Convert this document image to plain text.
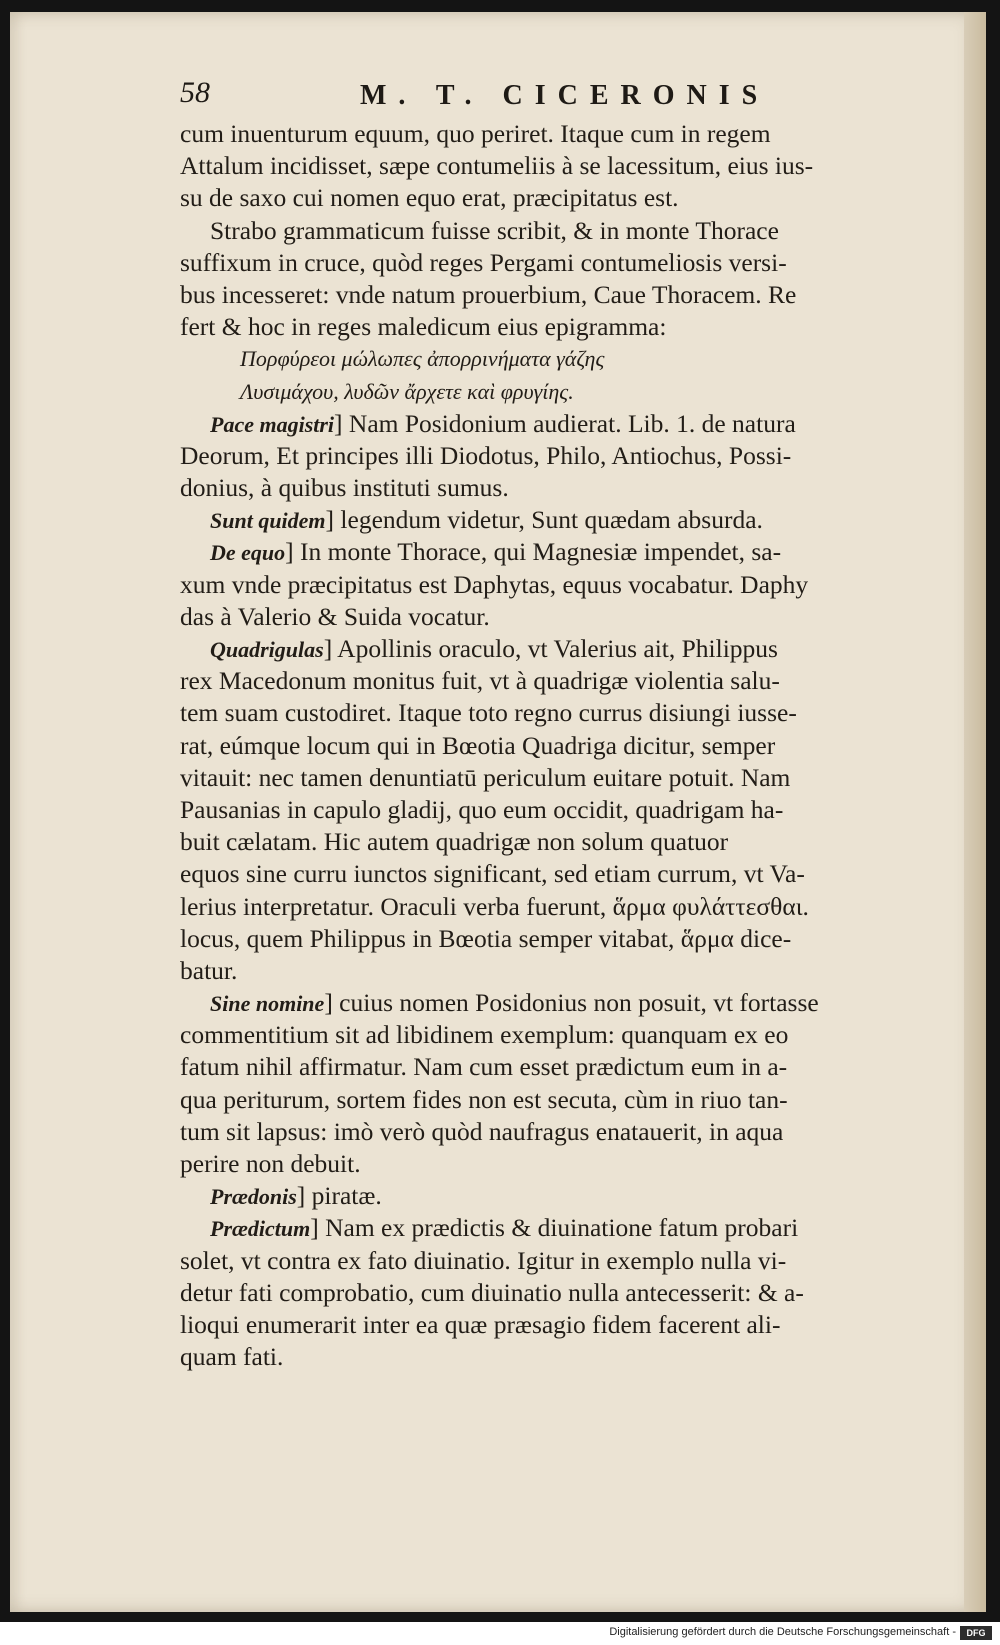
58	M. T. CICERONIS
cum inuenturum equum, quo periret. Itaque cum in regem
Attalum incidisset, sæpe contumeliis à se lacessitum, eius ius-
su de saxo cui nomen equo erat, præcipitatus est.
Strabo grammaticum fuisse scribit, & in monte Thorace
suffixum in cruce, quòd reges Pergami contumeliosis versi-
bus incesseret: vnde natum prouerbium, Caue Thoracem. Re
fert & hoc in reges maledicum eius epigramma:
Πορφύρεοι μώλωπες ἀπορρινήματα γάζης
Λυσιμάχου, λυδῶν ἄρχετε καὶ φρυγίης.
Pace magistri] Nam Posidonium audierat. Lib. 1. de natura
Deorum, Et principes illi Diodotus, Philo, Antiochus, Possi-
donius, à quibus instituti sumus.
Sunt quidem] legendum videtur, Sunt quædam absurda.
De equo] In monte Thorace, qui Magnesiæ impendet, sa-
xum vnde præcipitatus est Daphytas, equus vocabatur. Daphy
das à Valerio & Suida vocatur.
Quadrigulas] Apollinis oraculo, vt Valerius ait, Philippus
rex Macedonum monitus fuit, vt à quadrigæ violentia salu-
tem suam custodiret. Itaque toto regno currus disiungi iusse-
rat, eúmque locum qui in Bœotia Quadriga dicitur, semper
vitauit: nec tamen denuntiatū periculum euitare potuit. Nam
Pausanias in capulo gladij, quo eum occidit, quadrigam ha-
buit cælatam. Hic autem quadrigæ non solum quatuor
equos sine curru iunctos significant, sed etiam currum, vt Va-
lerius interpretatur. Oraculi verba fuerunt, ἅρμα φυλάττεσθαι.
locus, quem Philippus in Bœotia semper vitabat, ἅρμα dice-
batur.
Sine nomine] cuius nomen Posidonius non posuit, vt fortasse
commentitium sit ad libidinem exemplum: quanquam ex eo
fatum nihil affirmatur. Nam cum esset prædictum eum in a-
qua periturum, sortem fides non est secuta, cùm in riuo tan-
tum sit lapsus: imò verò quòd naufragus enatauerit, in aqua
perire non debuit.
Prædonis] piratæ.
Prædictum] Nam ex prædictis & diuinatione fatum probari
solet, vt contra ex fato diuinatio. Igitur in exemplo nulla vi-
detur fati comprobatio, cum diuinatio nulla antecesserit: & a-
lioqui enumerarit inter ea quæ præsagio fidem facerent ali-
quam fati.
Digitalisierung gefördert durch die Deutsche Forschungsgemeinschaft -	DFG
